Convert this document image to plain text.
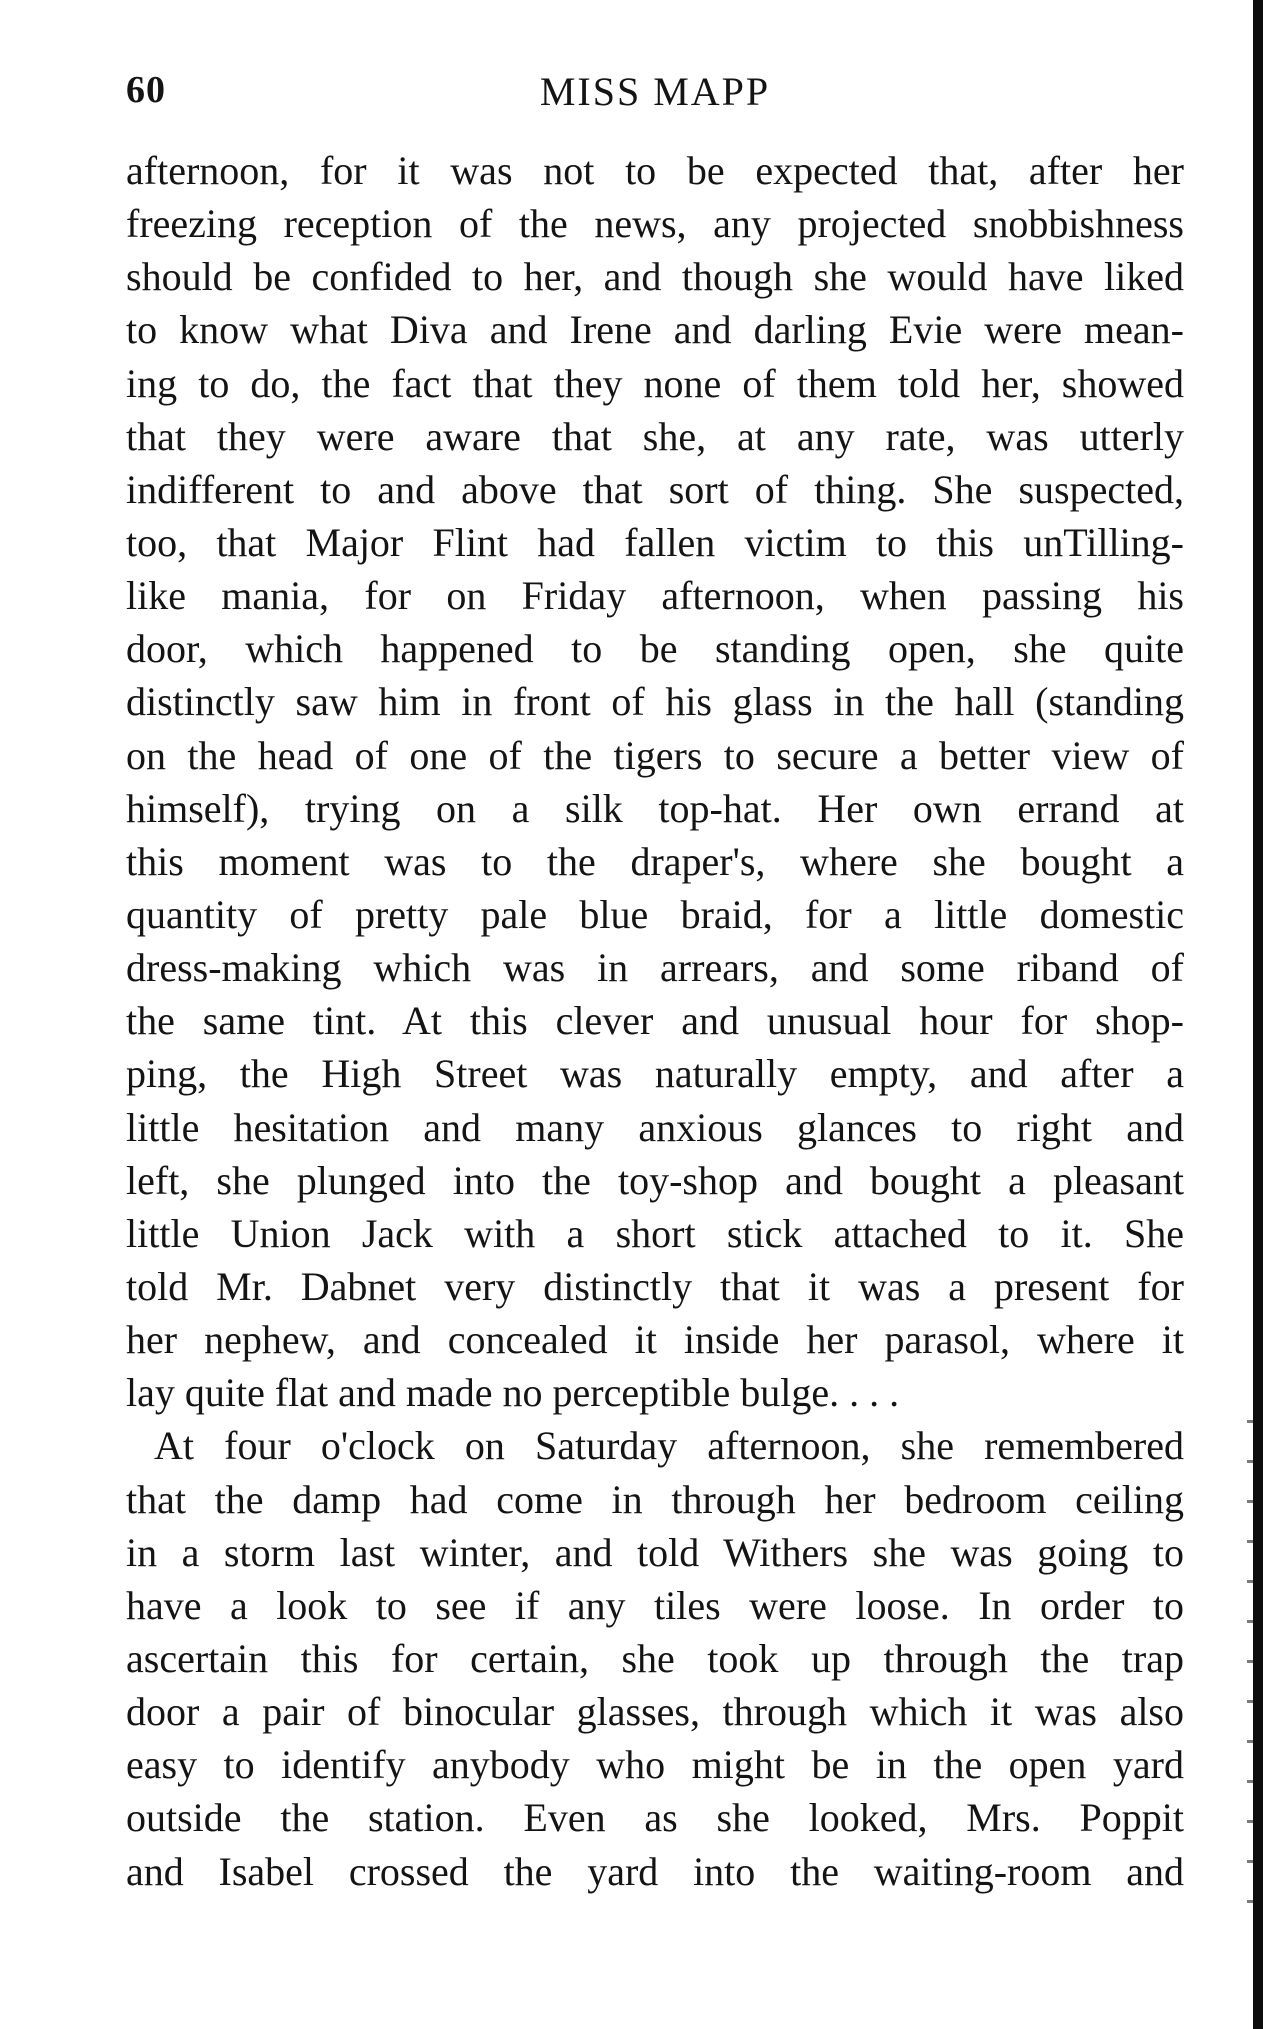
60	MISS MAPP
afternoon, for it was not to be expected that, after her
freezing reception of the news, any projected snobbishness
should be confided to her, and though she would have liked
to know what Diva and Irene and darling Evie were mean-
ing to do, the fact that they none of them told her, showed
that they were aware that she, at any rate, was utterly
indifferent to and above that sort of thing. She suspected,
too, that Major Flint had fallen victim to this unTilling-
like mania, for on Friday afternoon, when passing his
door, which happened to be standing open, she quite
distinctly saw him in front of his glass in the hall (standing
on the head of one of the tigers to secure a better view of
himself), trying on a silk top-hat. Her own errand at
this moment was to the draper's, where she bought a
quantity of pretty pale blue braid, for a little domestic
dress-making which was in arrears, and some riband of
the same tint. At this clever and unusual hour for shop-
ping, the High Street was naturally empty, and after a
little hesitation and many anxious glances to right and
left, she plunged into the toy-shop and bought a pleasant
little Union Jack with a short stick attached to it. She
told Mr. Dabnet very distinctly that it was a present for
her nephew, and concealed it inside her parasol, where it
lay quite flat and made no perceptible bulge. . . .
At four o'clock on Saturday afternoon, she remembered
that the damp had come in through her bedroom ceiling
in a storm last winter, and told Withers she was going to
have a look to see if any tiles were loose. In order to
ascertain this for certain, she took up through the trap
door a pair of binocular glasses, through which it was also
easy to identify anybody who might be in the open yard
outside the station. Even as she looked, Mrs. Poppit
and Isabel crossed the yard into the waiting-room and
